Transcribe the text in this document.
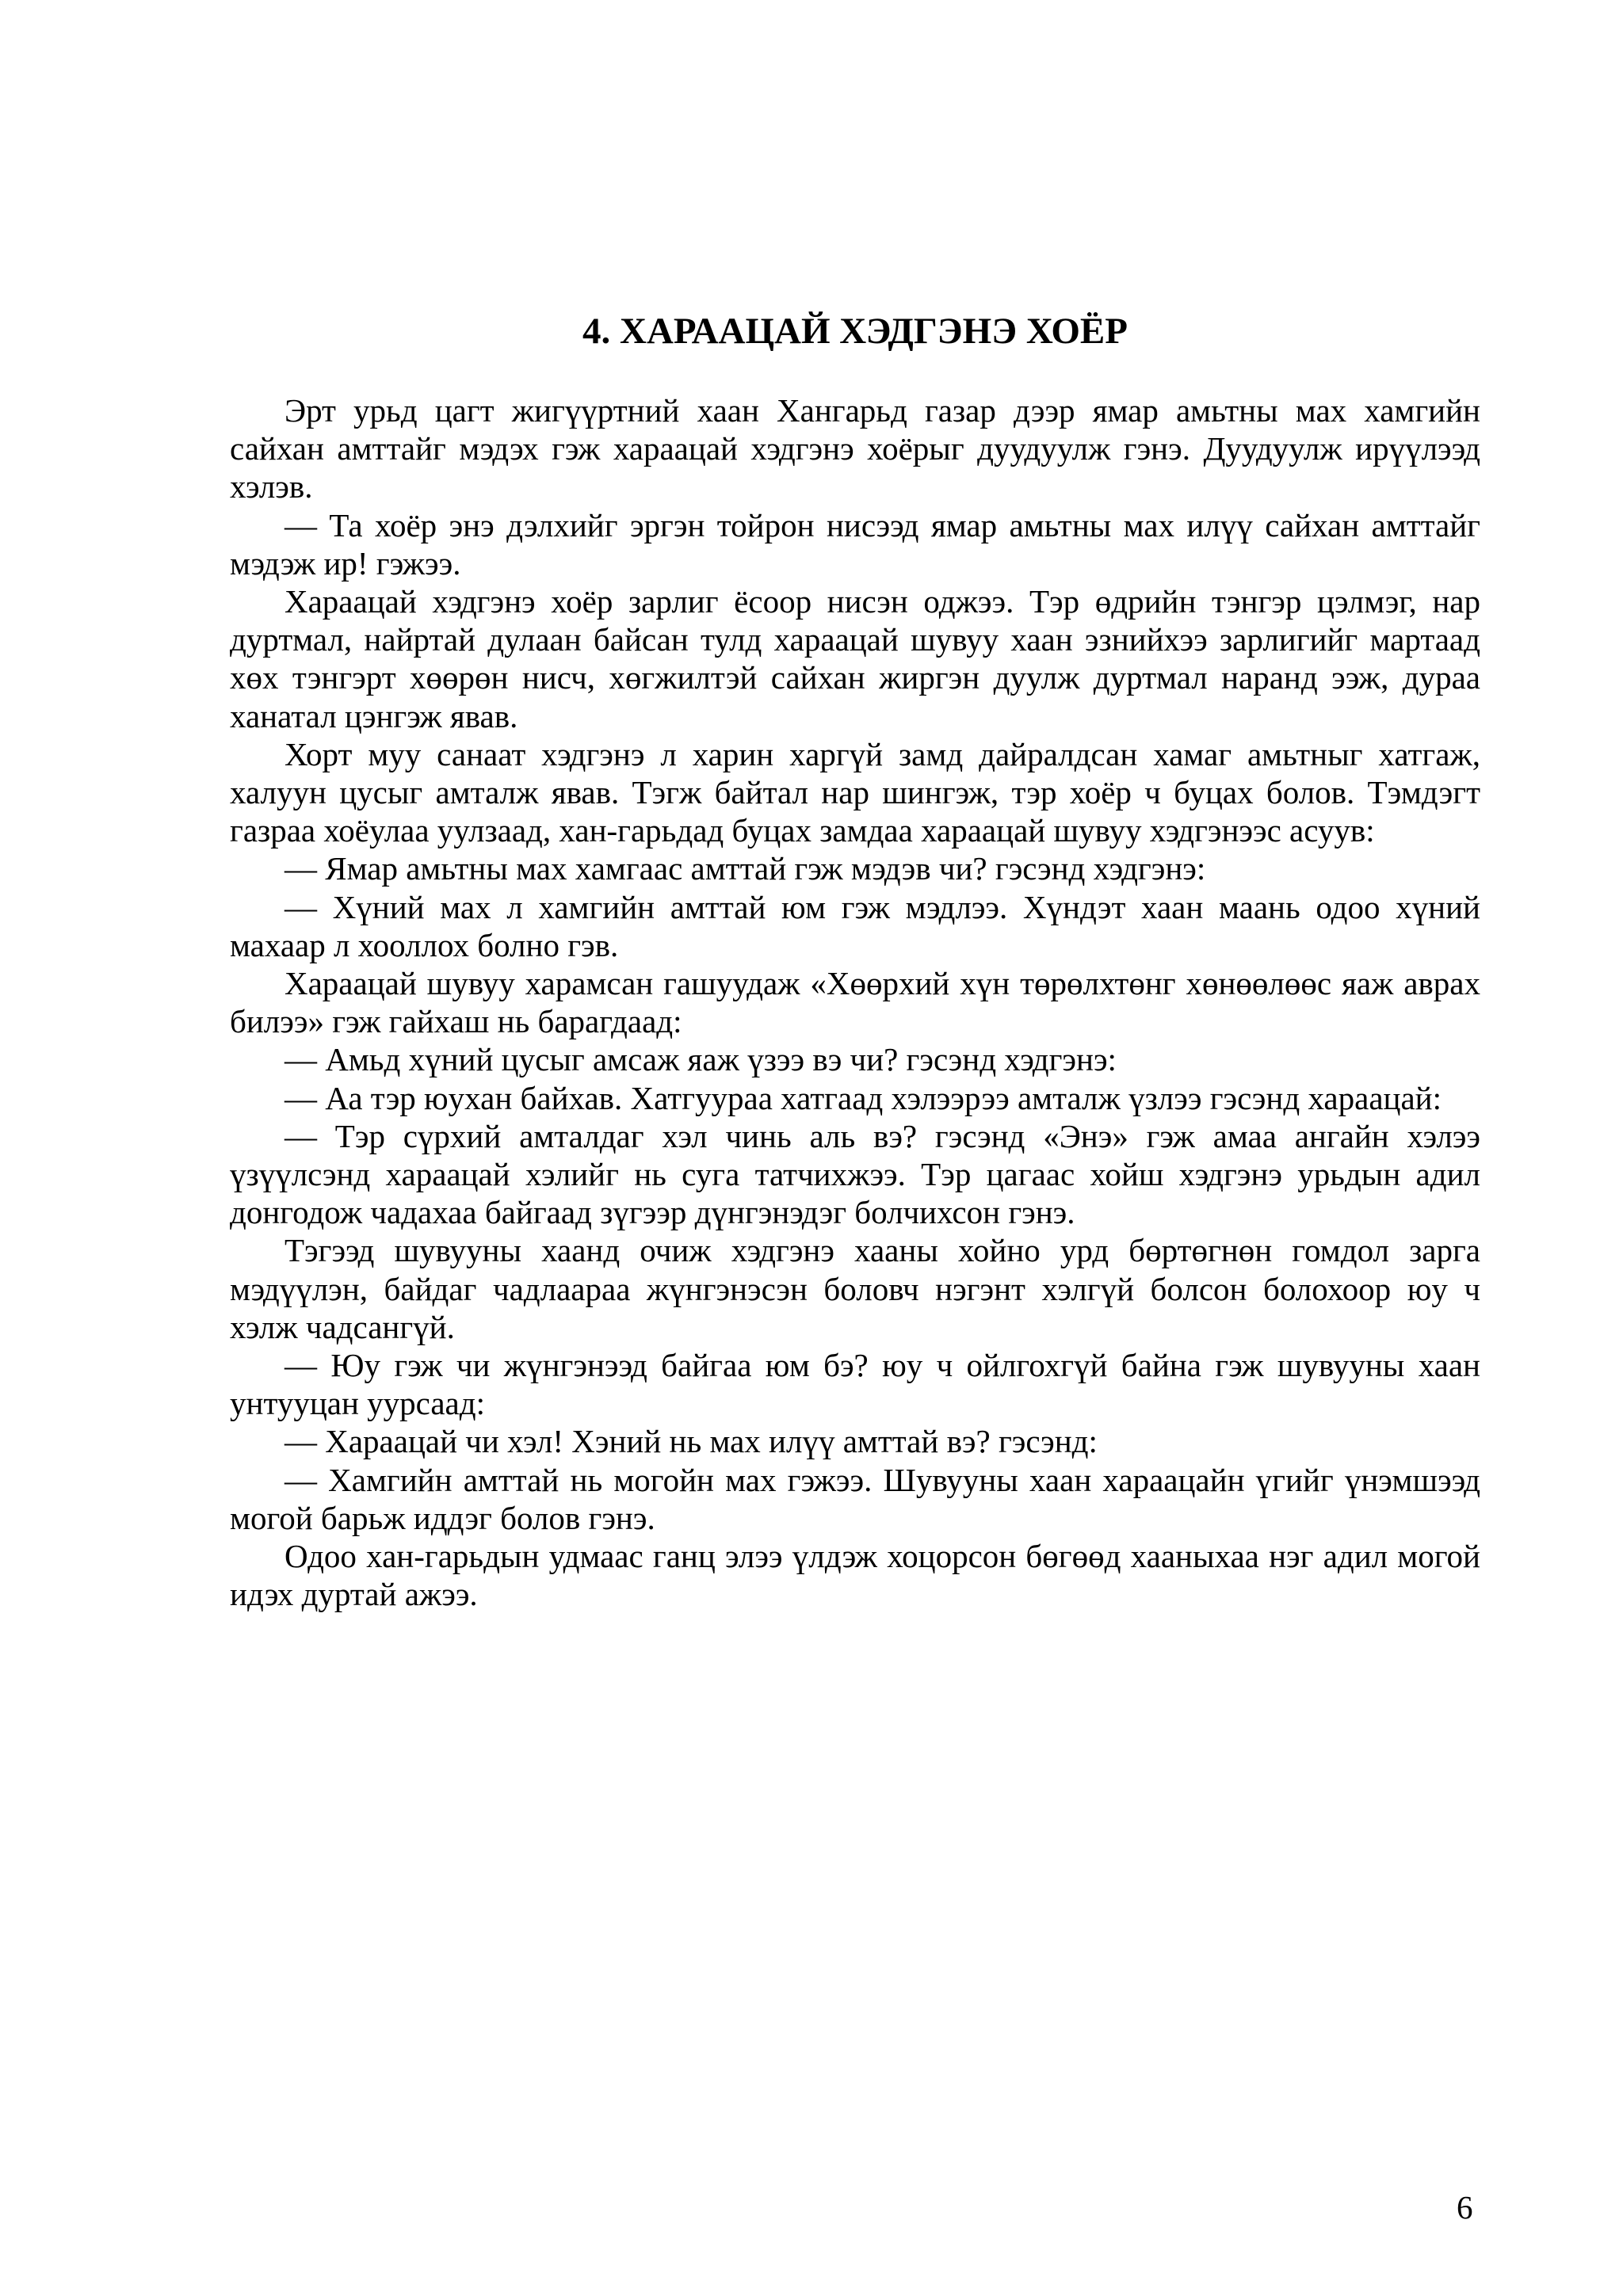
4. ХАРААЦАЙ ХЭДГЭНЭ ХОЁР

Эрт урьд цагт жигүүртний хаан Хангарьд газар дээр ямар амьтны мах хамгийн
сайхан амттайг мэдэх гэж хараацай хэдгэнэ хоёрыг дуудуулж гэнэ. Дуудуулж ирүүлээд
хэлэв.

— Та хоёр энэ дэлхийг эргэн тойрон нисээд ямар амьтны мах илүү сайхан амттайг
мэдэж ир! гэжээ.

Хараацай хэдгэнэ хоёр зарлиг ёсоор нисэн оджээ. Тэр өдрийн тэнгэр цэлмэг, нар
дуртмал, найртай дулаан байсан тулд хараацай шувуу хаан эзнийхээ зарлигийг мартаад
хөх тэнгэрт хөөрөн нисч, хөгжилтэй сайхан жиргэн дуулж дуртмал наранд ээж, дураа
ханатал цэнгэж явав.

Хорт муу санаат хэдгэнэ л харин харгүй замд дайралдсан хамаг амьтныг хатгаж,
халуун цусыг амталж явав. Тэгж байтал нар шингэж, тэр хоёр ч буцах болов. Тэмдэгт
газраа хоёулаа уулзаад, хан-гарьдад буцах замдаа хараацай шувуу хэдгэнээс асуув:

— Ямар амьтны мах хамгаас амттай гэж мэдэв чи? гэсэнд хэдгэнэ:

— Хүний мах л хамгийн амттай юм гэж мэдлээ. Хүндэт хаан маань одоо хүний
махаар л хооллох болно гэв.

Хараацай шувуу харамсан гашуудаж «Хөөрхий хүн төрөлхтөнг хөнөөлөөс яаж аврах
билээ» гэж гайхаш нь барагдаад:

— Амьд хүний цусыг амсаж яаж үзээ вэ чи? гэсэнд хэдгэнэ:

— Аа тэр юухан байхав. Хатгуураа хатгаад хэлээрээ амталж үзлээ гэсэнд хараацай:

— Тэр сүрхий амталдаг хэл чинь аль вэ? гэсэнд «Энэ» гэж амаа ангайн хэлээ
үзүүлсэнд хараацай хэлийг нь суга татчихжээ. Тэр цагаас хойш хэдгэнэ урьдын адил
донгодож чадахаа байгаад зүгээр дүнгэнэдэг болчихсон гэнэ.

Тэгээд шувууны хаанд очиж хэдгэнэ хааны хойно урд бөртөгнөн гомдол зарга
мэдүүлэн, байдаг чадлаараа жүнгэнэсэн боловч нэгэнт хэлгүй болсон болохоор юу ч
хэлж чадсангүй.

— Юу гэж чи жүнгэнээд байгаа юм бэ? юу ч ойлгохгүй байна гэж шувууны хаан
унтууцан уурсаад:

— Хараацай чи хэл! Хэний нь мах илүү амттай вэ? гэсэнд:

— Хамгийн амттай нь могойн мах гэжээ. Шувууны хаан хараацайн үгийг үнэмшээд
могой барьж иддэг болов гэнэ.

Одоо хан-гарьдын удмаас ганц элээ үлдэж хоцорсон бөгөөд хааныхаа нэг адил могой
идэх дуртай ажээ.

6
